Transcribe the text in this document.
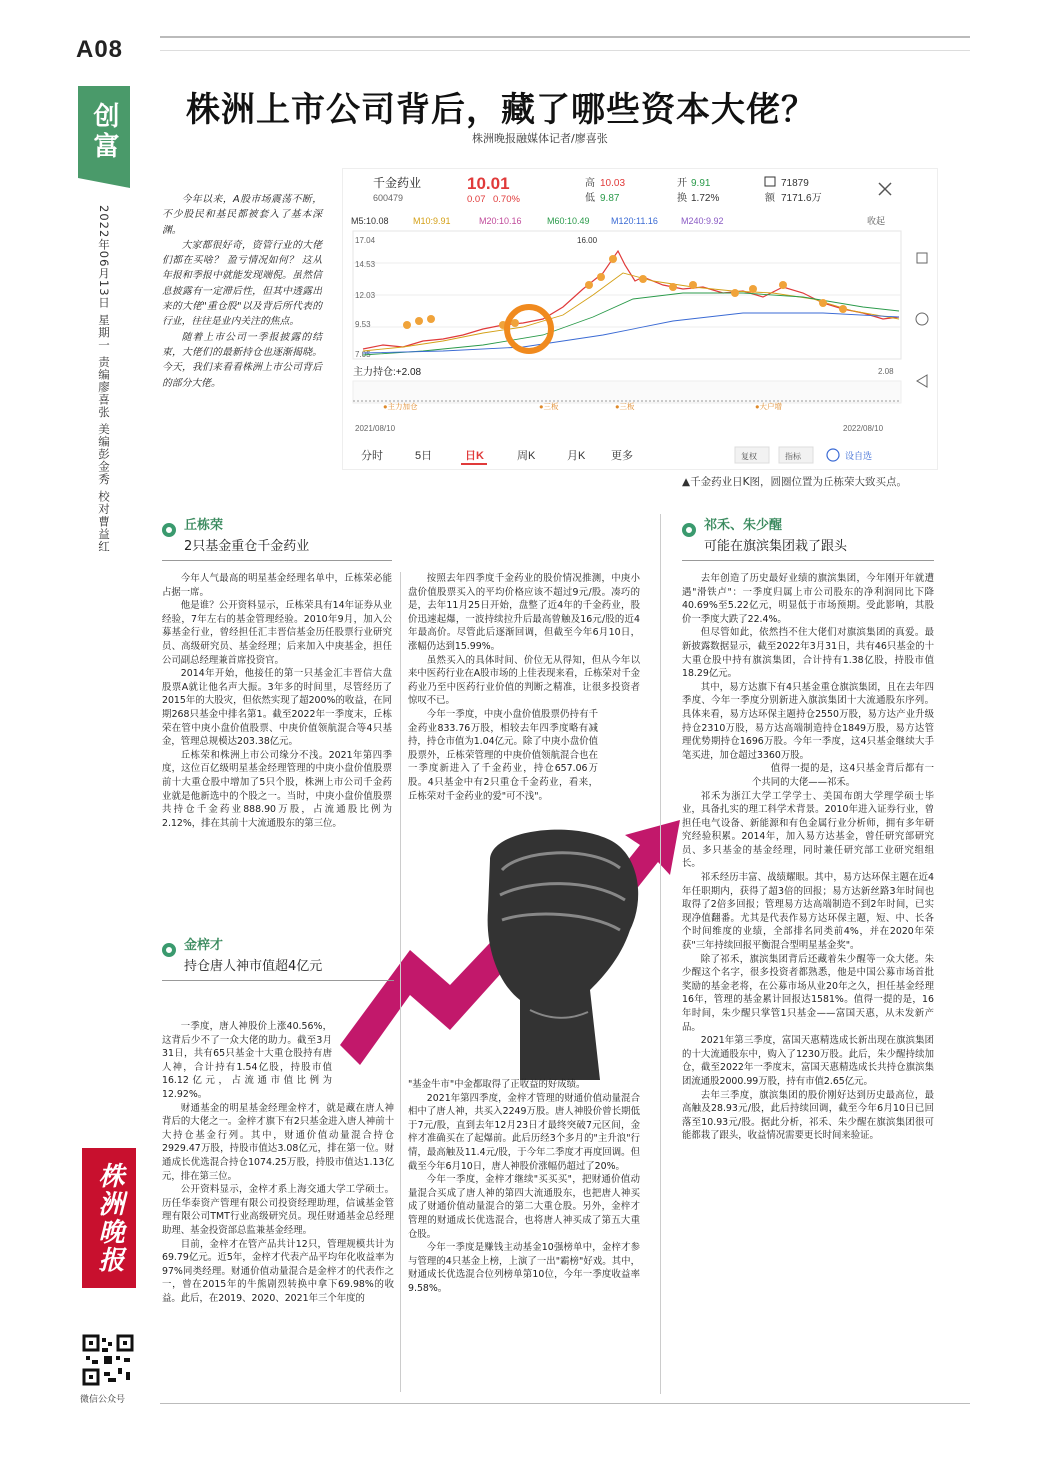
A08
创富
2022年06月13日 星期一 责编廖喜张 美编彭金秀 校对曹益红
株洲上市公司背后，藏了哪些资本大佬？
株洲晚报融媒体记者/廖喜张

今年以来，A股市场震荡不断，不少股民和基民都被套入了基本深渊。

大家都很好奇，资管行业的大佬们都在买啥？ 盈亏情况如何？ 这从年报和季报中就能发现端倪。虽然信息披露有一定滞后性，但其中透露出来的大佬"重仓股"以及背后所代表的行业，往往是业内关注的焦点。

随着上市公司一季报披露的结束，大佬们的最新持仓也逐渐揭晓。今天，我们来看看株洲上市公司背后的部分大佬。

千金药业
600479
10.01
0.07 0.70%
高 10.03
低 9.87
开 9.91
换 1.72%
71879
额 7171.6万
M5:10.08	M10:9.91	M20:10.16	M60:10.49 M120:11.16	M240:9.92	收起
17.04
14.53
12.03
9.53
7.05
16.00
2.08
主力持仓:+2.08
●主力加仓	●三板	●三板	●大户增
2021/08/10	2022/08/10
分时	5日	日K	周K	月K 更多	复权	指标	设自选
▲千金药业日K图，圆圈位置为丘栋荣大致买点。
丘栋荣
2只基金重仓千金药业

今年人气最高的明星基金经理名单中，丘栋荣必能占据一席。

他是谁？公开资料显示，丘栋荣具有14年证券从业经验，7年左右的基金管理经验。2010年9月，加入公募基金行业，曾经担任汇丰晋信基金历任股票行业研究员、高级研究员、基金经理；后来加入中庚基金，担任公司副总经理兼首席投资官。

2014年开始，他接任的第一只基金汇丰晋信大盘股票A就让他名声大振。3年多的时间里，尽管经历了2015年的大股灾，但依然实现了超200%的收益，在同期268只基金中排名第1。截至2022年一季度末，丘栋荣在管中庚小盘价值股票、中庚价值领航混合等4只基金，管理总规模达203.38亿元。

丘栋荣和株洲上市公司缘分不浅。2021年第四季度，这位百亿级明星基金经理管理的中庚小盘价值股票前十大重仓股中增加了5只个股，株洲上市公司千金药业就是他新选中的个股之一。当时，中庚小盘价值股票共持仓千金药业888.90万股，占流通股比例为2.12%，排在其前十大流通股东的第三位。

按照去年四季度千金药业的股价情况推测，中庚小盘价值股票买入的平均价格应该不超过9元/股。凑巧的是，去年11月25日开始，盘整了近4年的千金药业，股价迅速起爆，一波持续拉升后最高曾触及16元/股的近4年最高价。尽管此后逐渐回调，但截至今年6月10日，涨幅仍达到15.99%。

虽然买入的具体时间、价位无从得知，但从今年以来中医药行业在A股市场的上佳表现来看，丘栋荣对千金药业乃至中医药行业价值的判断之精准，让很多投资者惊叹不已。

今年一季度，中庚小盘价值股票仍持有千金药业833.76万股，相较去年四季度略有减持，持仓市值为1.04亿元。除了中庚小盘价值股票外，丘栋荣管理的中庚价值领航混合也在一季度新进入了千金药业，持仓657.06万股。4只基金中有2只重仓千金药业，看来，丘栋荣对千金药业的爱"可不浅"。

金梓才
持仓唐人神市值超4亿元

一季度，唐人神股价上涨40.56%，这背后少不了一众大佬的助力。截至3月31日，共有65只基金十大重仓股持有唐人神，合计持有1.54亿股，持股市值16.12亿元，占流通市值比例为12.92%。

财通基金的明星基金经理金梓才，就是藏在唐人神背后的大佬之一。金梓才旗下有2只基金进入唐人神前十大持仓基金行列。其中，财通价值动量混合持仓2929.47万股，持股市值达3.08亿元，排在第一位。财通成长优选混合持仓1074.25万股，持股市值达1.13亿元，排在第三位。

公开资料显示，金梓才系上海交通大学工学硕士。历任华泰资产管理有限公司投资经理助理，信诚基金管理有限公司TMT行业高级研究员。现任财通基金总经理助理、基金投资部总监兼基金经理。

目前，金梓才在管产品共计12只，管理规模共计为69.79亿元。近5年，金梓才代表产品平均年化收益率为97%同类经理。财通价值动量混合是金梓才的代表作之一，曾在2015年的牛熊剧烈转换中拿下69.98%的收益。此后，在2019、2020、2021年三个年度的

"基金牛市"中金都取得了正收益的好成绩。

2021年第四季度，金梓才管理的财通价值动量混合相中了唐人神，共买入2249万股。唐人神股价曾长期低于7元/股，直到去年12月23日才最终突破7元区间，金梓才准确买在了起爆前。此后历经3个多月的"主升浪"行情，最高触及11.4元/股，于今年二季度才再度回调。但截至今年6月10日，唐人神股价涨幅仍超过了20%。

今年一季度，金梓才继续"买买买"，把财通价值动量混合买成了唐人神的第四大流通股东，也把唐人神买成了财通价值动量混合的第二大重仓股。另外，金梓才管理的财通成长优选混合，也将唐人神买成了第五大重仓股。

今年一季度是赚钱主动基金10强榜单中，金梓才参与管理的4只基金上榜，上演了一出"霸榜"好戏。其中，财通成长优选混合位列榜单第10位，今年一季度收益率9.58%。

祁禾、朱少醒
可能在旗滨集团栽了跟头

去年创造了历史最好业绩的旗滨集团，今年刚开年就遭遇"滑铁卢"：一季度归属上市公司股东的净利润同比下降40.69%至5.22亿元，明显低于市场预期。受此影响，其股价一季度大跌了22.4%。

但尽管如此，依然挡不住大佬们对旗滨集团的真爱。最新披露数据显示，截至2022年3月31日，共有46只基金的十大重仓股中持有旗滨集团，合计持有1.38亿股，持股市值18.29亿元。

其中，易方达旗下有4只基金重仓旗滨集团，且在去年四季度、今年一季度分别新进入旗滨集团十大流通股东序列。具体来看，易方达环保主题持仓2550万股，易方达产业升级持仓2310万股，易方达高端制造持仓1849万股，易方达管理优势期持仓1696万股。今年一季度，这4只基金继续大手笔买进，加仓超过3360万股。

值得一提的是，这4只基金背后都有一个共同的大佬——祁禾。

祁禾为浙江大学工学学士、美国布朗大学理学硕士毕业，具备扎实的理工科学术背景。2010年进入证券行业，曾担任电气设备、新能源和有色金属行业分析师，拥有多年研究经验积累。2014年，加入易方达基金，曾任研究部研究员、多只基金的基金经理，同时兼任研究部工业研究组组长。

祁禾经历丰富、战绩耀眼。其中，易方达环保主题在近4年任职期内，获得了超3倍的回报；易方达新丝路3年时间也取得了2倍多回报；管理易方达高端制造不到2年时间，已实现净值翻番。尤其是代表作易方达环保主题，短、中、长各个时间维度的业绩，全部排名同类前4%，并在2020年荣获"三年持续回报平衡混合型明星基金奖"。

除了祁禾，旗滨集团背后还藏着朱少醒等一众大佬。朱少醒这个名字，很多投资者都熟悉，他是中国公募市场首批奖励的基金老将，在公募市场从业20年之久，担任基金经理16年，管理的基金累计回报达1581%。值得一提的是，16年时间，朱少醒只掌管1只基金——富国天惠，从未发新产品。

2021年第三季度，富国天惠精选成长新出现在旗滨集团的十大流通股东中，购入了1230万股。此后，朱少醒持续加仓，截至2022年一季度末，富国天惠精选成长共持仓旗滨集团流通股2000.99万股，持有市值2.65亿元。

去年三季度，旗滨集团的股价刚好达到历史最高位，最高触及28.93元/股，此后持续回调，截至今年6月10日已回落至10.93元/股。据此分析，祁禾、朱少醒在旗滨集团很可能都栽了跟头，收益情况需要更长时间来验证。

株洲晚报
微信公众号
